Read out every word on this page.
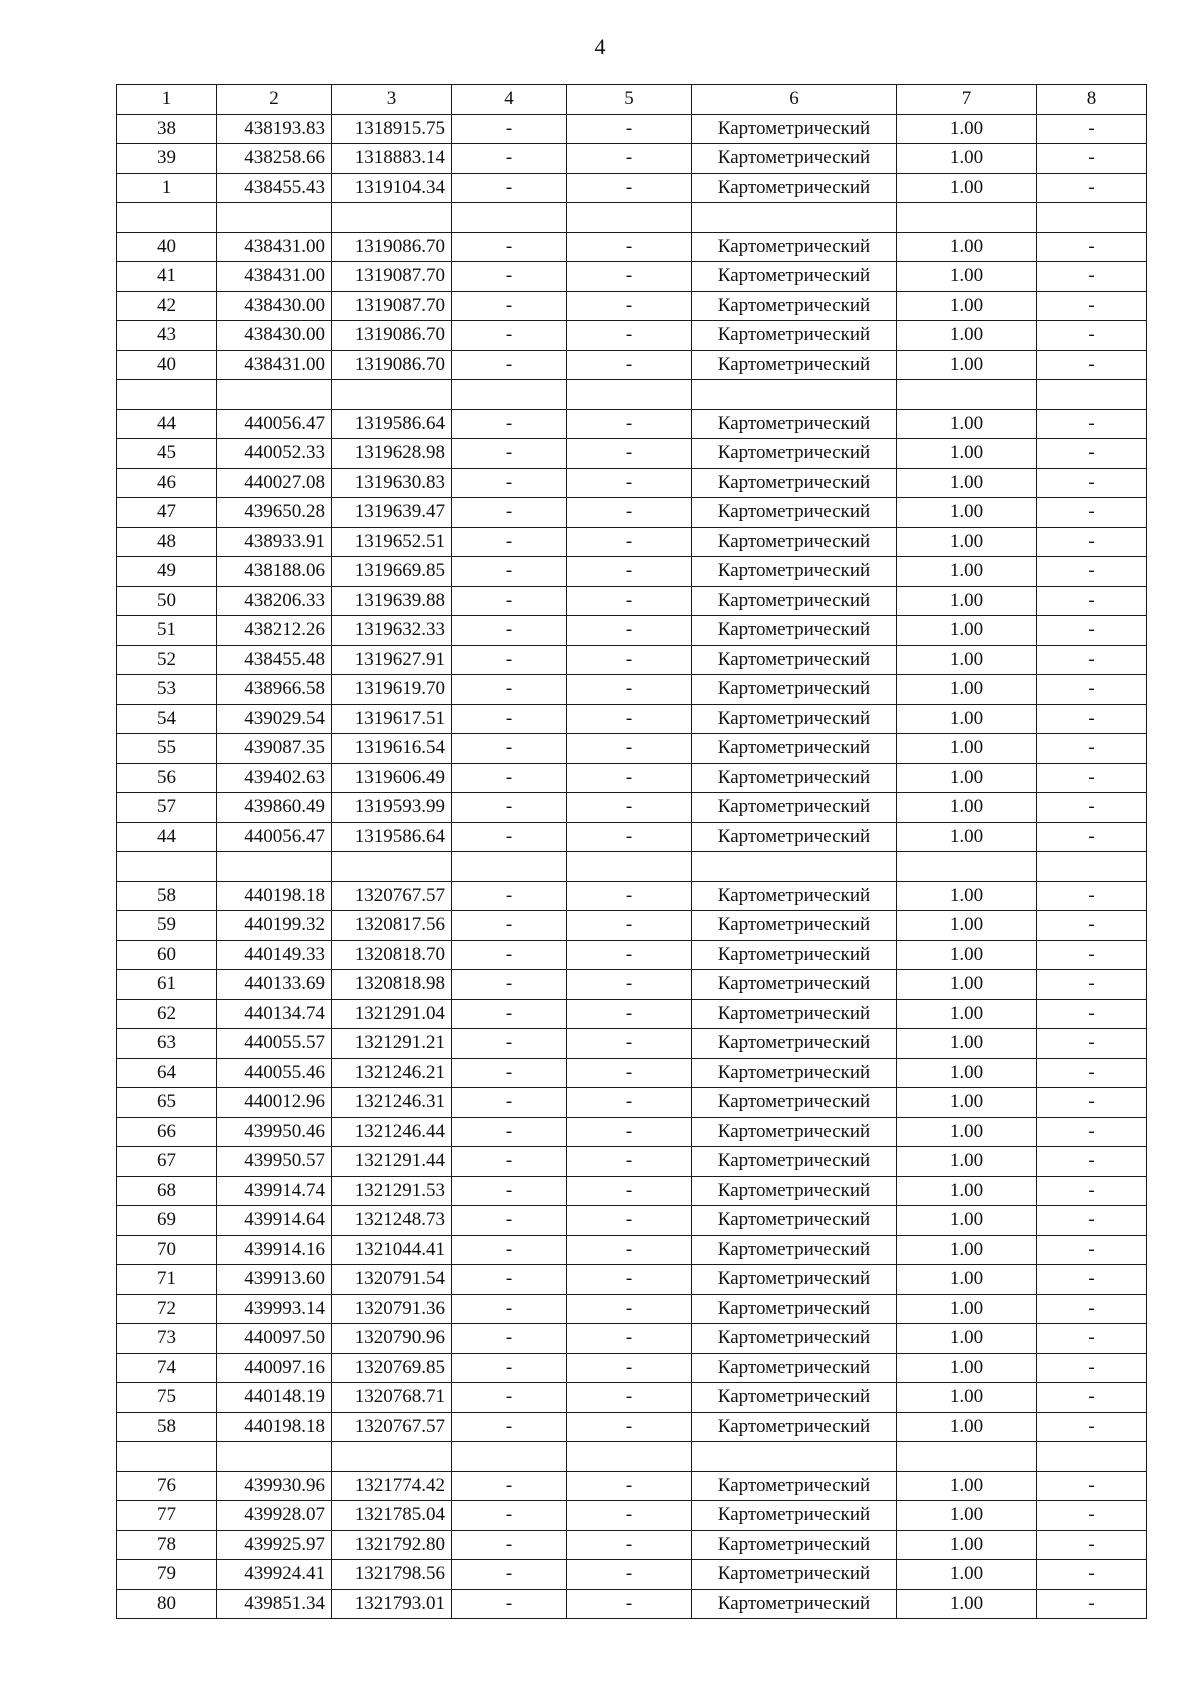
4
1	2	3	4	5	6	7	8
38	438193.83	1318915.75	-	-	Картометрический	1.00	-
39	438258.66	1318883.14	-	-	Картометрический	1.00	-
1	438455.43	1319104.34	-	-	Картометрический	1.00	-

40	438431.00	1319086.70	-	-	Картометрический	1.00	-
41	438431.00	1319087.70	-	-	Картометрический	1.00	-
42	438430.00	1319087.70	-	-	Картометрический	1.00	-
43	438430.00	1319086.70	-	-	Картометрический	1.00	-
40	438431.00	1319086.70	-	-	Картометрический	1.00	-

44	440056.47	1319586.64	-	-	Картометрический	1.00	-
45	440052.33	1319628.98	-	-	Картометрический	1.00	-
46	440027.08	1319630.83	-	-	Картометрический	1.00	-
47	439650.28	1319639.47	-	-	Картометрический	1.00	-
48	438933.91	1319652.51	-	-	Картометрический	1.00	-
49	438188.06	1319669.85	-	-	Картометрический	1.00	-
50	438206.33	1319639.88	-	-	Картометрический	1.00	-
51	438212.26	1319632.33	-	-	Картометрический	1.00	-
52	438455.48	1319627.91	-	-	Картометрический	1.00	-
53	438966.58	1319619.70	-	-	Картометрический	1.00	-
54	439029.54	1319617.51	-	-	Картометрический	1.00	-
55	439087.35	1319616.54	-	-	Картометрический	1.00	-
56	439402.63	1319606.49	-	-	Картометрический	1.00	-
57	439860.49	1319593.99	-	-	Картометрический	1.00	-
44	440056.47	1319586.64	-	-	Картометрический	1.00	-

58	440198.18	1320767.57	-	-	Картометрический	1.00	-
59	440199.32	1320817.56	-	-	Картометрический	1.00	-
60	440149.33	1320818.70	-	-	Картометрический	1.00	-
61	440133.69	1320818.98	-	-	Картометрический	1.00	-
62	440134.74	1321291.04	-	-	Картометрический	1.00	-
63	440055.57	1321291.21	-	-	Картометрический	1.00	-
64	440055.46	1321246.21	-	-	Картометрический	1.00	-
65	440012.96	1321246.31	-	-	Картометрический	1.00	-
66	439950.46	1321246.44	-	-	Картометрический	1.00	-
67	439950.57	1321291.44	-	-	Картометрический	1.00	-
68	439914.74	1321291.53	-	-	Картометрический	1.00	-
69	439914.64	1321248.73	-	-	Картометрический	1.00	-
70	439914.16	1321044.41	-	-	Картометрический	1.00	-
71	439913.60	1320791.54	-	-	Картометрический	1.00	-
72	439993.14	1320791.36	-	-	Картометрический	1.00	-
73	440097.50	1320790.96	-	-	Картометрический	1.00	-
74	440097.16	1320769.85	-	-	Картометрический	1.00	-
75	440148.19	1320768.71	-	-	Картометрический	1.00	-
58	440198.18	1320767.57	-	-	Картометрический	1.00	-

76	439930.96	1321774.42	-	-	Картометрический	1.00	-
77	439928.07	1321785.04	-	-	Картометрический	1.00	-
78	439925.97	1321792.80	-	-	Картометрический	1.00	-
79	439924.41	1321798.56	-	-	Картометрический	1.00	-
80	439851.34	1321793.01	-	-	Картометрический	1.00	-
